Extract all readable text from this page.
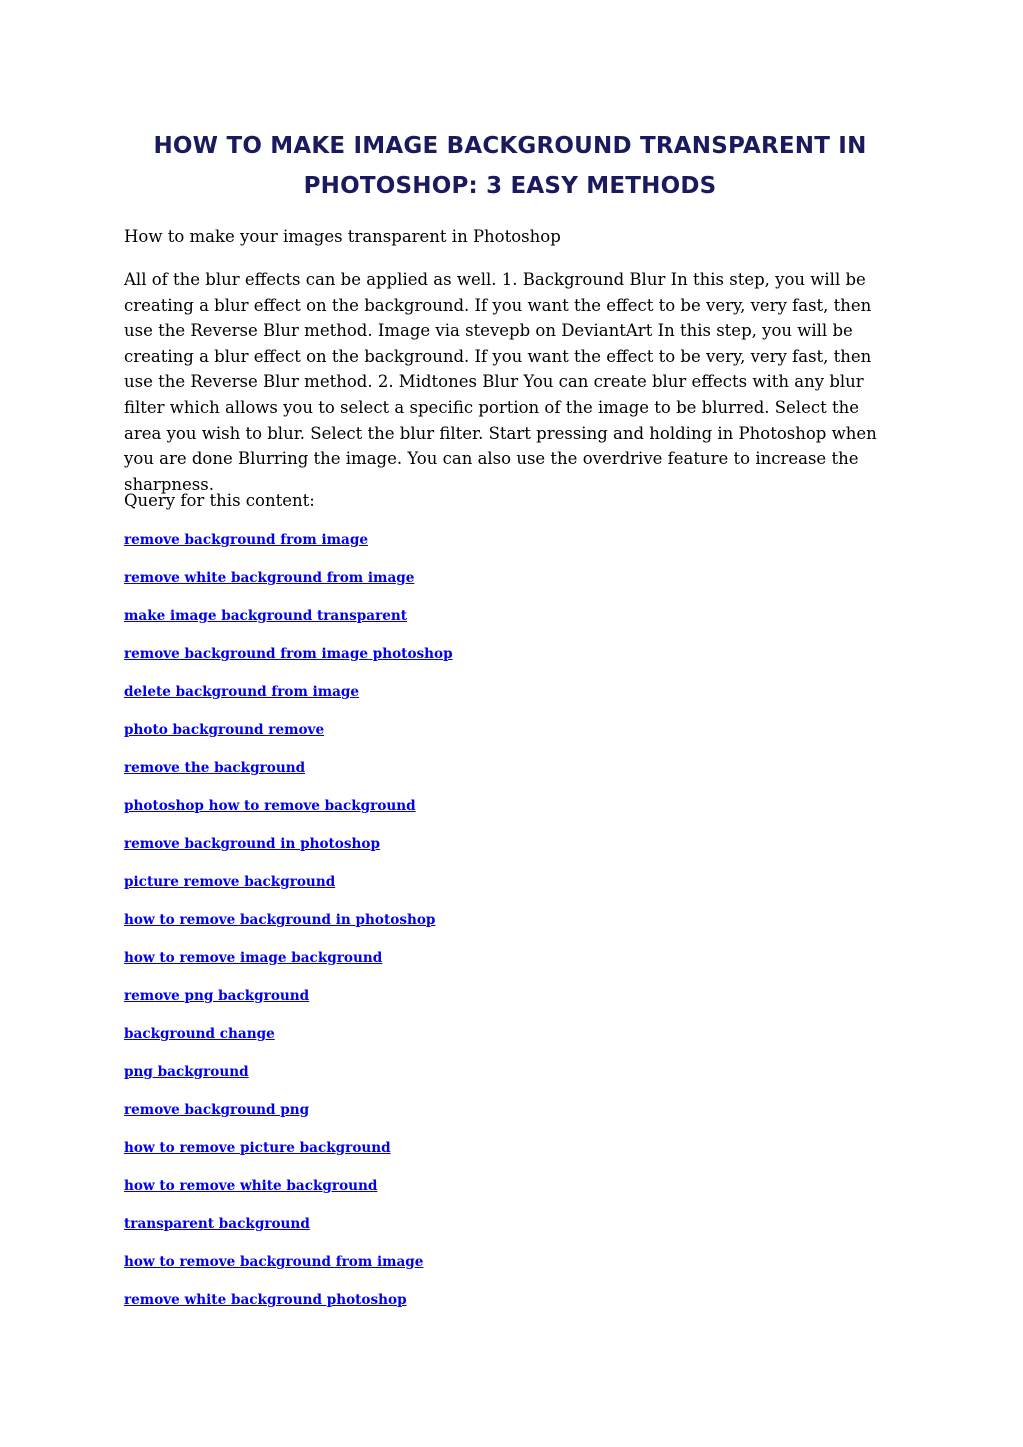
HOW TO MAKE IMAGE BACKGROUND TRANSPARENT IN PHOTOSHOP: 3 EASY METHODS

How to make your images transparent in Photoshop

All of the blur effects can be applied as well. 1. Background Blur In this step, you will be creating a blur effect on the background. If you want the effect to be very, very fast, then use the Reverse Blur method. Image via stevepb on DeviantArt In this step, you will be creating a blur effect on the background. If you want the effect to be very, very fast, then use the Reverse Blur method. 2. Midtones Blur You can create blur effects with any blur filter which allows you to select a specific portion of the image to be blurred. Select the area you wish to blur. Select the blur filter. Start pressing and holding in Photoshop when you are done Blurring the image. You can also use the overdrive feature to increase the sharpness.

Query for this content:

remove background from image
remove white background from image
make image background transparent
remove background from image photoshop
delete background from image
photo background remove
remove the background
photoshop how to remove background
remove background in photoshop
picture remove background
how to remove background in photoshop
how to remove image background
remove png background
background change
png background
remove background png
how to remove picture background
how to remove white background
transparent background
how to remove background from image
remove white background photoshop
